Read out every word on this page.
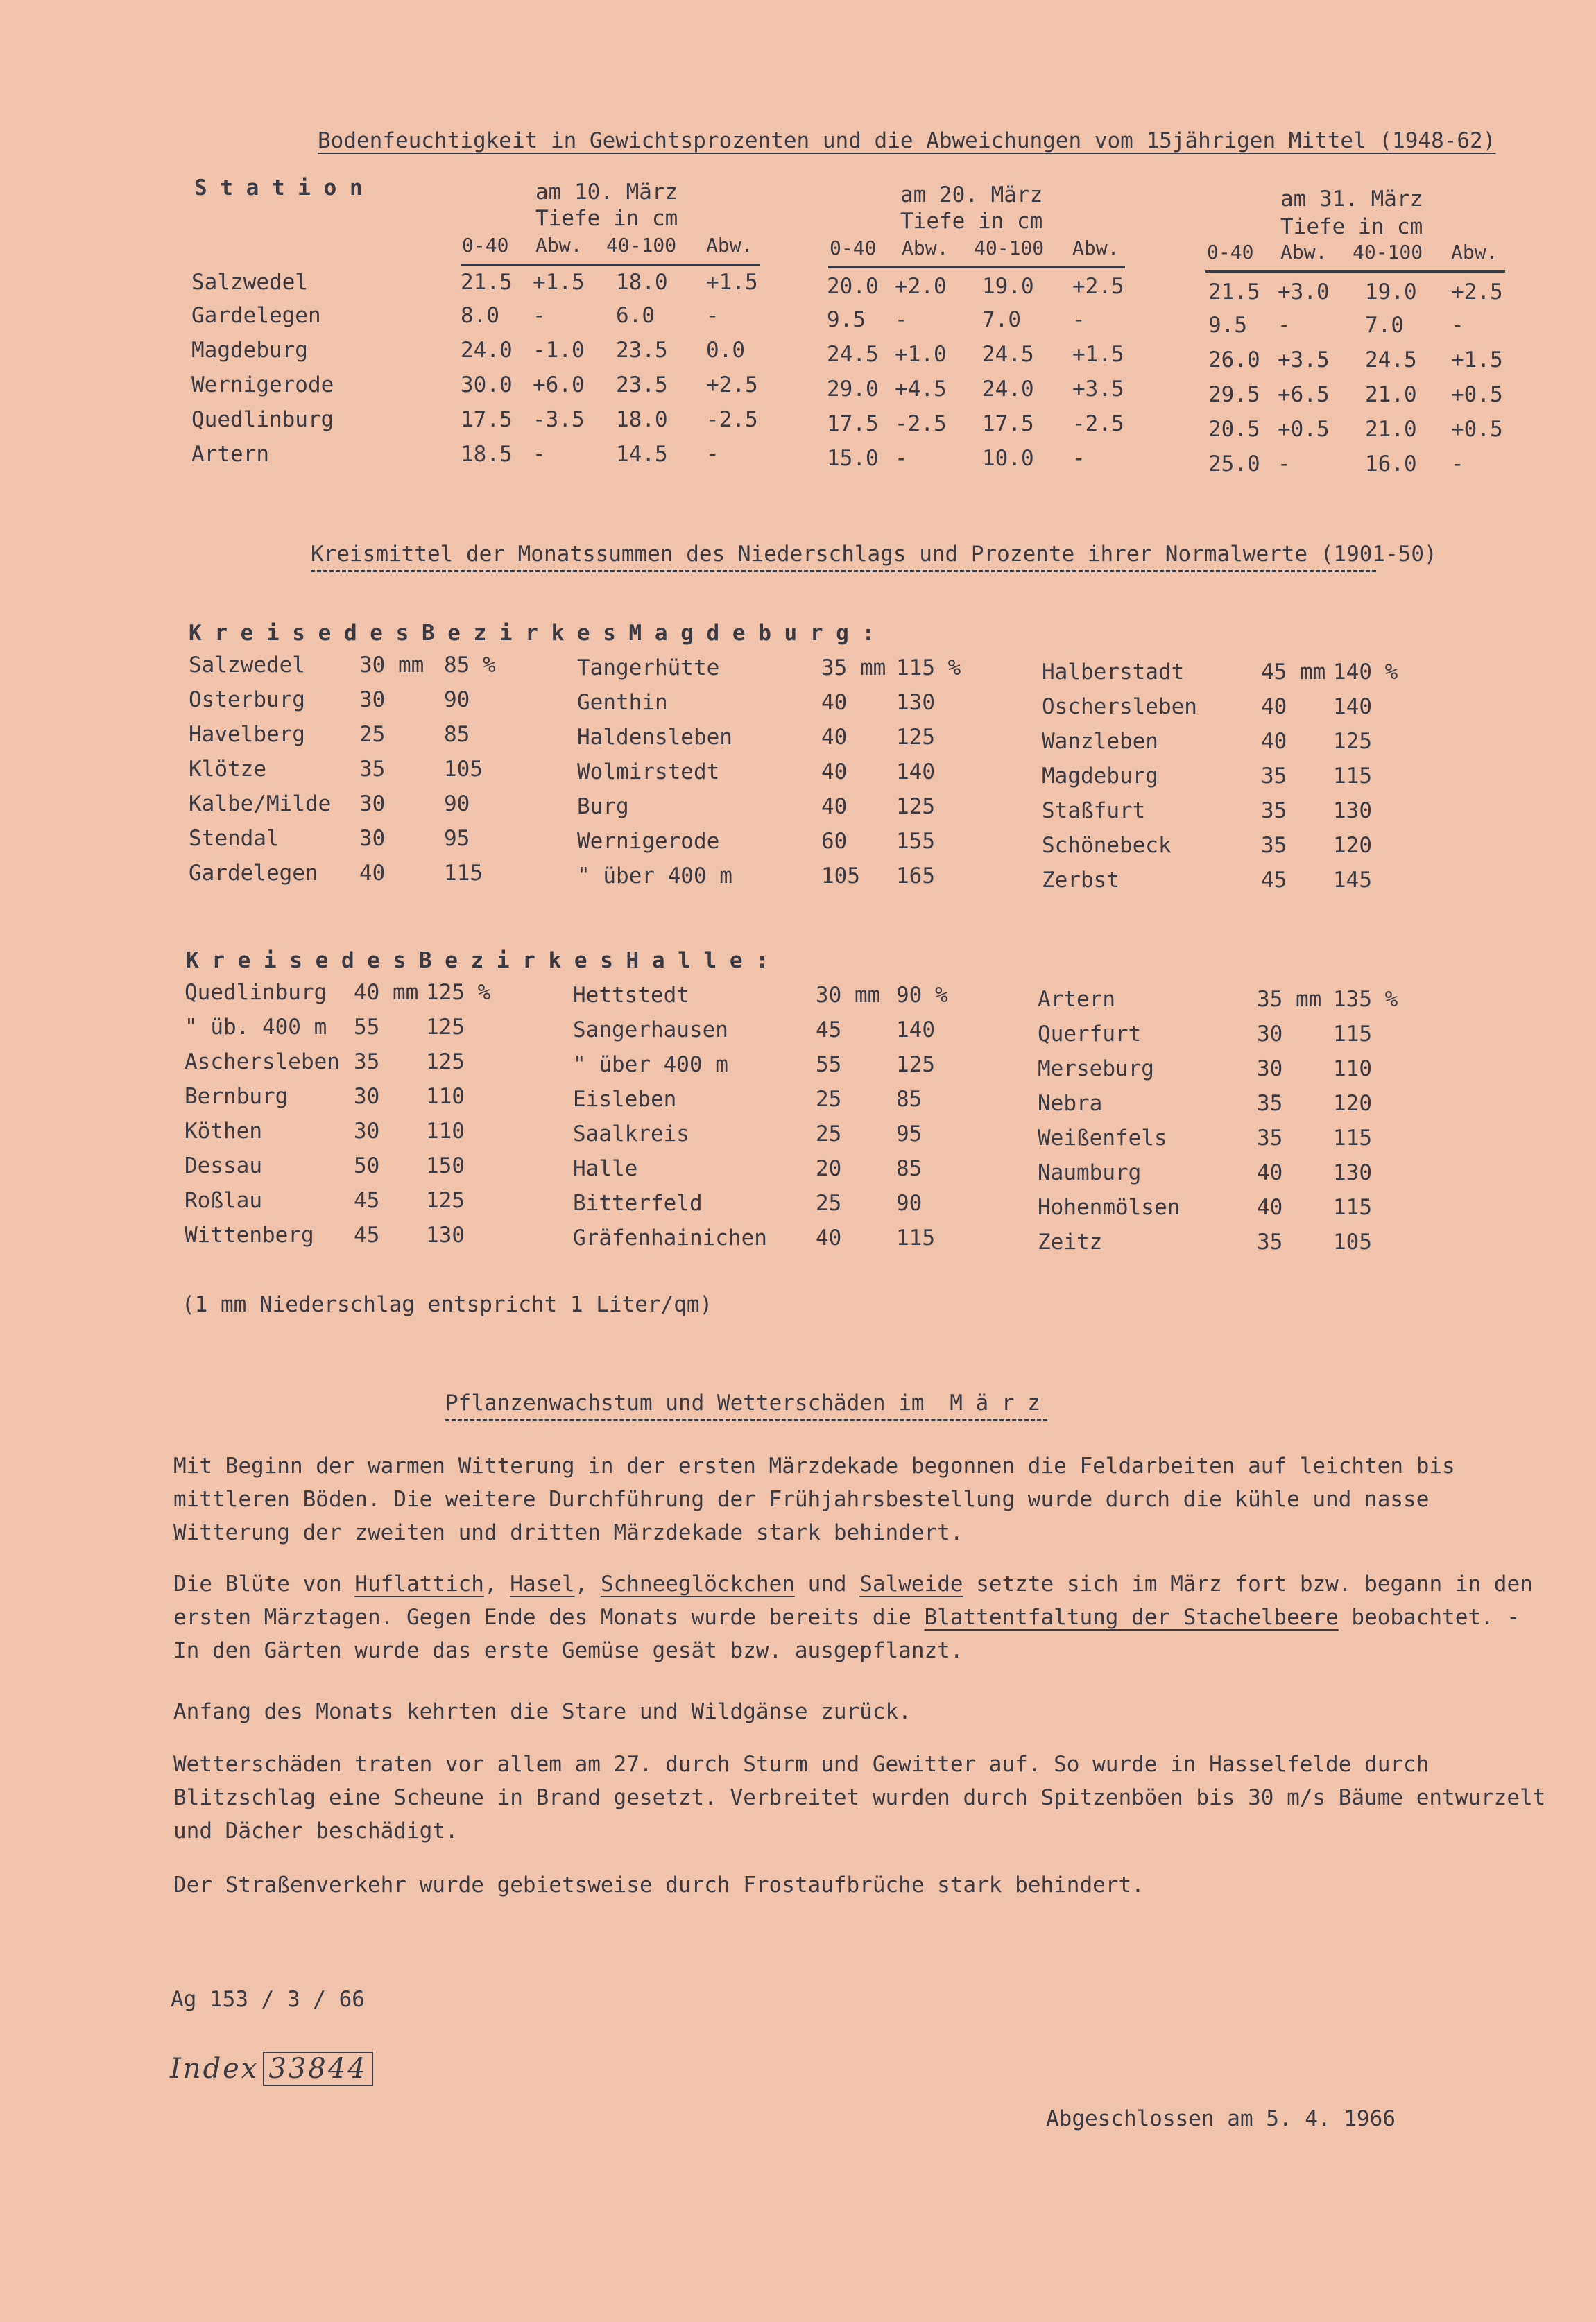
Bodenfeuchtigkeit in Gewichtsprozenten und die Abweichungen vom 15jährigen Mittel (1948-62)
S t a t i o n	am 10. März
Tiefe in cm
am 20. März
Tiefe in cm
am 31. März
Tiefe in cm
0-40 Abw. 40-100 Abw.	0-40 Abw. 40-100 Abw.	0-40 Abw. 40-100 Abw.
Salzwedel	21.5 +1.5 18.0 +1.5	20.0 +2.0 19.0 +2.5	21.5 +3.0 19.0 +2.5
Gardelegen	8.0 -	6.0 -	9.5 -	7.0 -	9.5 -	7.0 -
Magdeburg	24.0 -1.0 23.5 0.0	24.5 +1.0 24.5 +1.5	26.0 +3.5 24.5 +1.5
Wernigerode	30.0 +6.0 23.5 +2.5	29.0 +4.5 24.0 +3.5	29.5 +6.5 21.0 +0.5
Quedlinburg	17.5 -3.5 18.0 -2.5	17.5 -2.5 17.5 -2.5	20.5 +0.5 21.0 +0.5
Artern	18.5 -	14.5 -	15.0 -	10.0 -	25.0 -	16.0 -
Kreismittel der Monatssummen des Niederschlags und Prozente ihrer Normalwerte (1901-50)
K r e i s e d e s B e z i r k e s M a g d e b u r g :
Salzwedel	30 mm 85 %
Osterburg	30	90
Havelberg	25	85
Klötze	35	105
Kalbe/Milde 30	90
Stendal	30	95
Gardelegen 40	115
Tangerhütte	35 mm 115 %
Genthin	40 130
Haldensleben	40 125
Wolmirstedt	40 140
Burg	40 125
Wernigerode	60 155
" über 400 m	105 165
Halberstadt	45 mm 140 %
Oschersleben	40 140
Wanzleben	40 125
Magdeburg	35 115
Staßfurt	35 130
Schönebeck	35 120
Zerbst	45 145
K r e i s e d e s B e z i r k e s H a l l e :
Quedlinburg 40 mm 125 %
" üb. 400 m 55 125
Aschersleben 35 125
Bernburg	30 110
Köthen	30 110
Dessau	50 150
Roßlau	45 125
Wittenberg 45 130
Hettstedt	30 mm 90 %
Sangerhausen	45	140
" über 400 m	55	125
Eisleben	25	85
Saalkreis	25	95
Halle	20	85
Bitterfeld	25	90
Gräfenhainichen 40	115
Artern	35 mm 135 %
Querfurt	30 115
Merseburg	30 110
Nebra	35 120
Weißenfels	35 115
Naumburg	40 130
Hohenmölsen	40 115
Zeitz	35 105
(1 mm Niederschlag entspricht 1 Liter/qm)
Pflanzenwachstum und Wetterschäden im M ä r z

Mit Beginn der warmen Witterung in der ersten Märzdekade begonnen die Feldarbeiten auf leichten bis mittleren Böden. Die weitere Durchführung der Frühjahrsbestellung wurde durch die kühle und nasse Witterung der zweiten und dritten Märzdekade stark behindert.

Die Blüte von Huflattich, Hasel, Schneeglöckchen und Salweide setzte sich im März fort bzw. begann in den ersten Märztagen. Gegen Ende des Monats wurde bereits die Blattentfaltung der Stachelbeere beobachtet. - In den Gärten wurde das erste Gemüse gesät bzw. ausgepflanzt.

Anfang des Monats kehrten die Stare und Wildgänse zurück.

Wetterschäden traten vor allem am 27. durch Sturm und Gewitter auf. So wurde in Hasselfelde durch Blitzschlag eine Scheune in Brand gesetzt. Verbreitet wurden durch Spitzenböen bis 30 m/s Bäume entwurzelt und Dächer beschädigt.

Der Straßenverkehr wurde gebietsweise durch Frostaufbrüche stark behindert.

Ag 153 / 3 / 66
Index 33844
Abgeschlossen am 5. 4. 1966
